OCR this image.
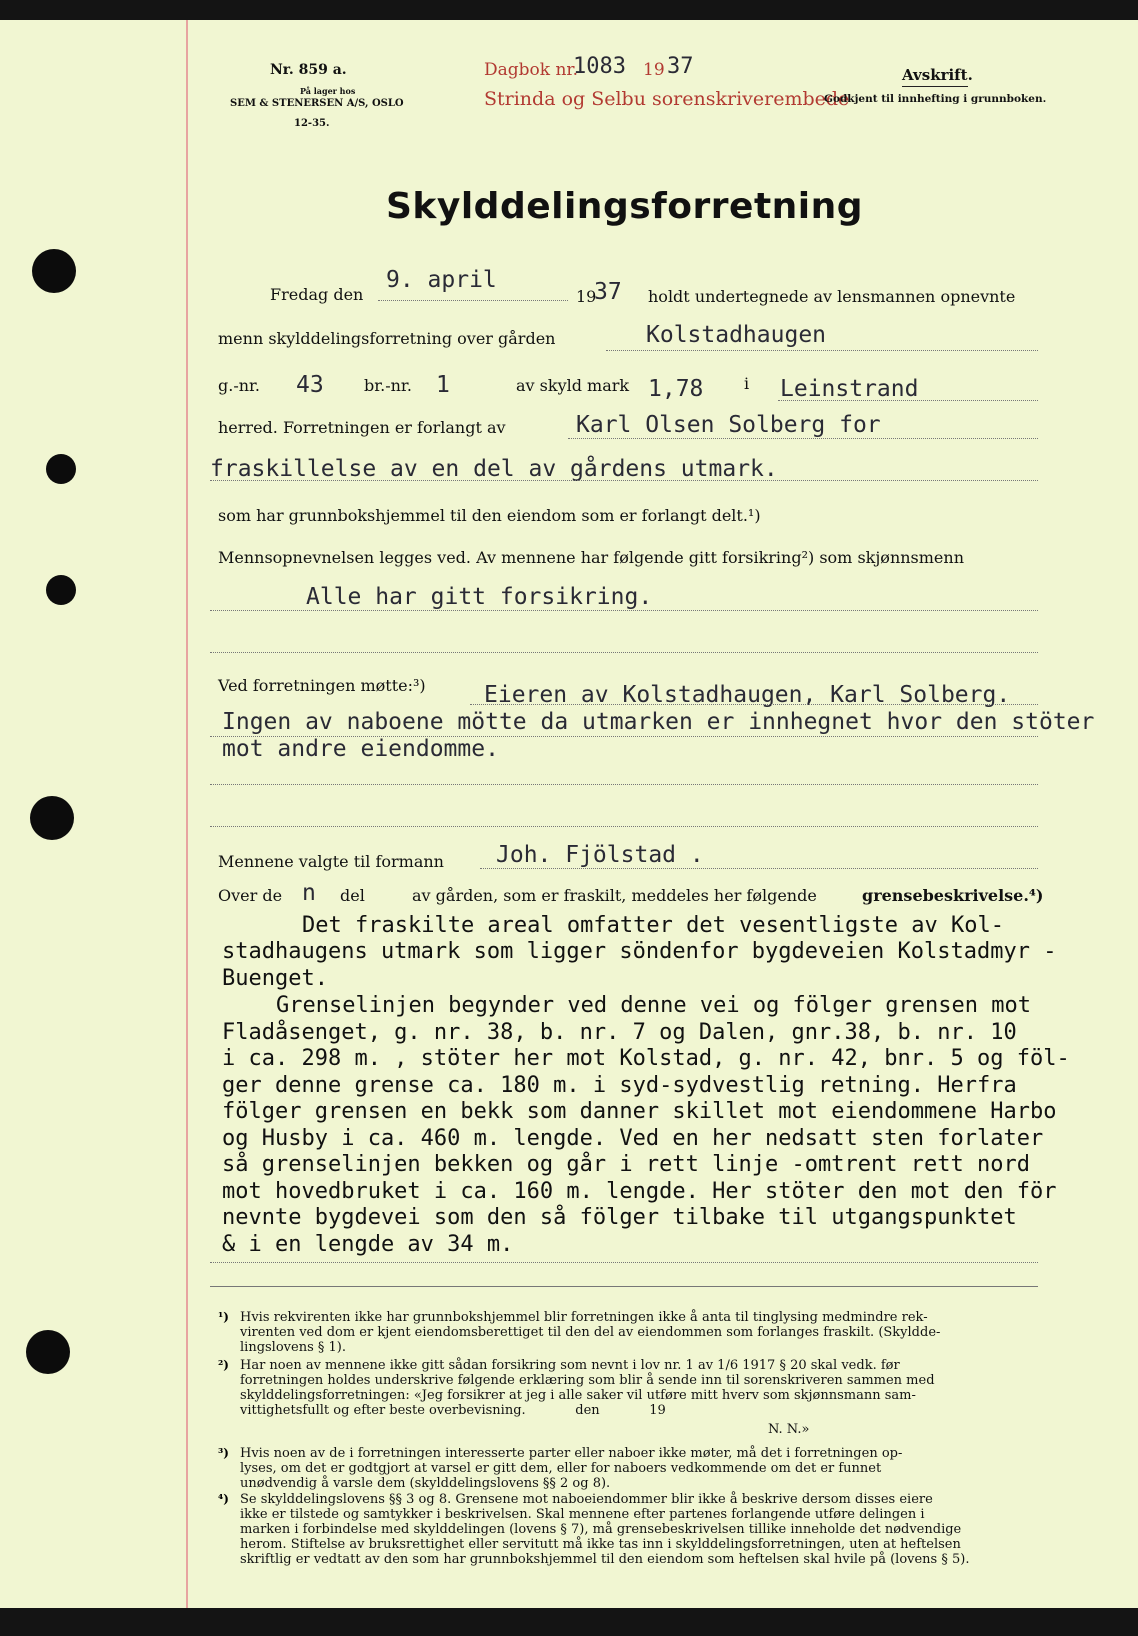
Nr. 859 a.
På lager hos
SEM & STENERSEN A/S, OSLO
12-35.
Dagbok nr.
1083 19 37
Strinda og Selbu sorenskriverembede
Avskrift.
Godkjent til innhefting i grunnboken.
Skylddelingsforretning
Fredag den
9. april
19
37 holdt undertegnede av lensmannen opnevnte
menn skylddelingsforretning over gården	Kolstadhaugen
g.-nr. 43	br.-nr. 1	av skyld mark 1,78	i Leinstrand
herred. Forretningen er forlangt av	Karl Olsen Solberg for
fraskillelse av en del av gårdens utmark.
som har grunnbokshjemmel til den eiendom som er forlangt delt.¹)
Mennsopnevnelsen legges ved. Av mennene har følgende gitt forsikring²) som skjønnsmenn
Alle har gitt forsikring.
Ved forretningen møtte:³)	Eieren av Kolstadhaugen, Karl Solberg.
Ingen av naboene mötte da utmarken er innhegnet hvor den stöter
mot andre eiendomme.
Mennene valgte til formann Joh. Fjölstad .
Over de n del	av gården, som er fraskilt, meddeles her følgende	grensebeskrivelse.⁴)
Det fraskilte areal omfatter det vesentligste av Kol-
stadhaugens utmark som ligger söndenfor bygdeveien Kolstadmyr -
Buenget.
Grenselinjen begynder ved denne vei og fölger grensen mot
Fladåsenget, g. nr. 38, b. nr. 7 og Dalen, gnr.38, b. nr. 10
i ca. 298 m. , stöter her mot Kolstad, g. nr. 42, bnr. 5 og föl-
ger denne grense ca. 180 m. i syd-sydvestlig retning. Herfra
fölger grensen en bekk som danner skillet mot eiendommene Harbo
og Husby i ca. 460 m. lengde. Ved en her nedsatt sten forlater
så grenselinjen bekken og går i rett linje -omtrent rett nord
mot hovedbruket i ca. 160 m. lengde. Her stöter den mot den för
nevnte bygdevei som den så fölger tilbake til utgangspunktet
& i en lengde av 34 m.
¹) Hvis rekvirenten ikke har grunnbokshjemmel blir forretningen ikke å anta til tinglysing medmindre rek-
virenten ved dom er kjent eiendomsberettiget til den del av eiendommen som forlanges fraskilt. (Skyldde-
lingslovens § 1).
²) Har noen av mennene ikke gitt sådan forsikring som nevnt i lov nr. 1 av 1/6 1917 § 20 skal vedk. før
forretningen holdes underskrive følgende erklæring som blir å sende inn til sorenskriveren sammen med
skylddelingsforretningen: «Jeg forsikrer at jeg i alle saker vil utføre mitt hverv som skjønnsmann sam-
vittighetsfullt og efter beste overbevisning.            den            19
N. N.»
³) Hvis noen av de i forretningen interesserte parter eller naboer ikke møter, må det i forretningen op-
lyses, om det er godtgjort at varsel er gitt dem, eller for naboers vedkommende om det er funnet
unødvendig å varsle dem (skylddelingslovens §§ 2 og 8).
⁴) Se skylddelingslovens §§ 3 og 8. Grensene mot naboeiendommer blir ikke å beskrive dersom disses eiere
ikke er tilstede og samtykker i beskrivelsen. Skal mennene efter partenes forlangende utføre delingen i
marken i forbindelse med skylddelingen (lovens § 7), må grensebeskrivelsen tillike inneholde det nødvendige
herom. Stiftelse av bruksrettighet eller servitutt må ikke tas inn i skylddelingsforretningen, uten at heftelsen
skriftlig er vedtatt av den som har grunnbokshjemmel til den eiendom som heftelsen skal hvile på (lovens § 5).
